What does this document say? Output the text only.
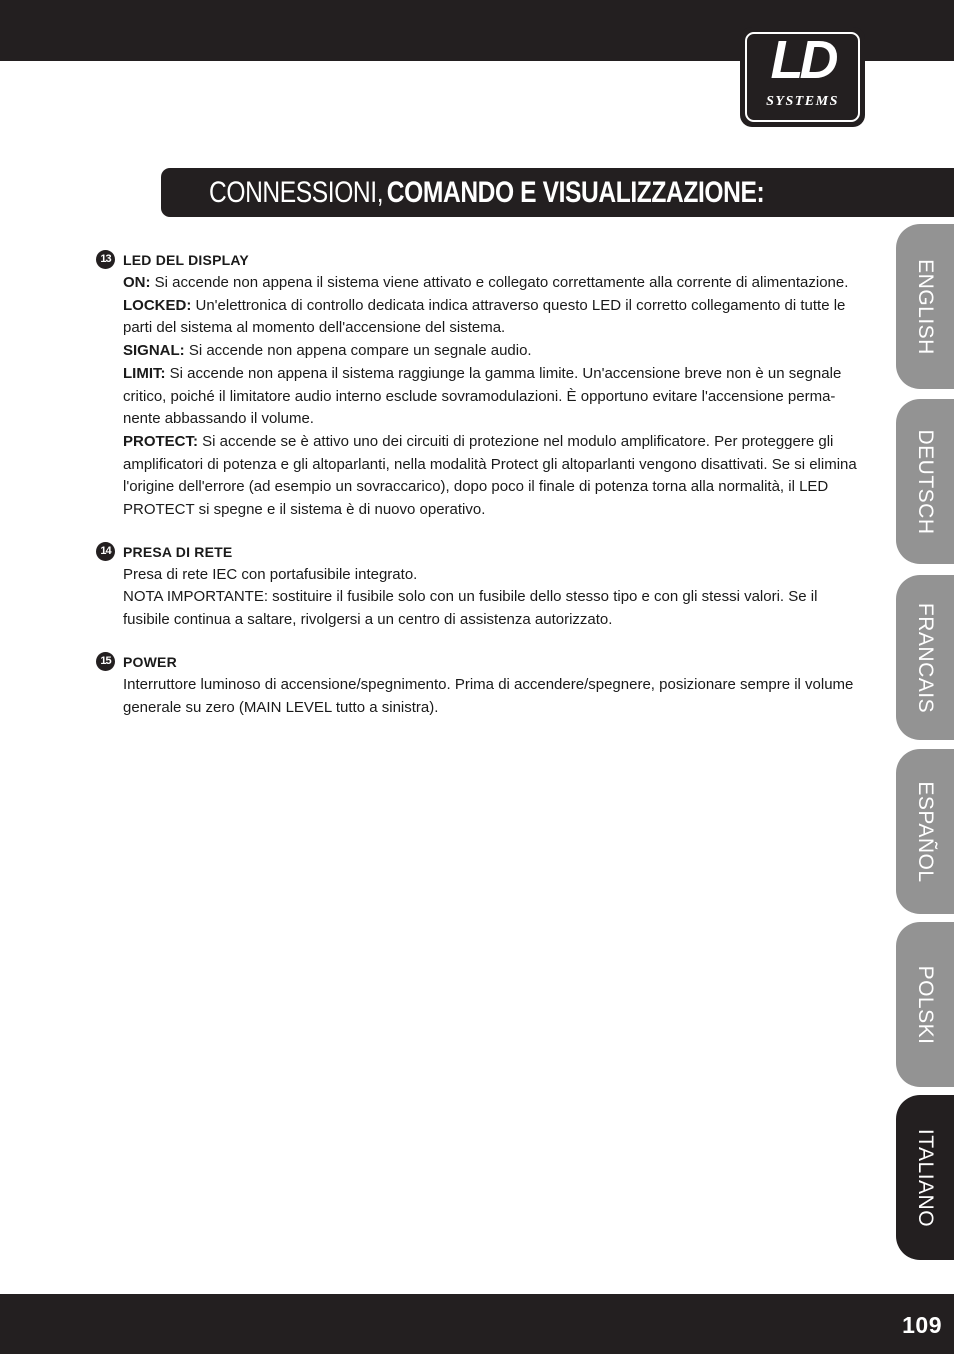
LD
SYSTEMS
CONNESSIONI, COMANDO E VISUALIZZAZIONE:
ENGLISH
DEUTSCH
FRANCAIS
ESPAÑOL
POLSKI
ITALIANO
13 LED DEL DISPLAY
ON: Si accende non appena il sistema viene attivato e collegato correttamente alla corrente di alimentazione.
LOCKED: Un'elettronica di controllo dedicata indica attraverso questo LED il corretto collegamento di tutte le parti del sistema al momento dell'accensione del sistema.
SIGNAL: Si accende non appena compare un segnale audio.
LIMIT: Si accende non appena il sistema raggiunge la gamma limite. Un'accensione breve non è un segnale critico, poiché il limitatore audio interno esclude sovramodulazioni. È opportuno evitare l'accensione perma-nente abbassando il volume.
PROTECT: Si accende se è attivo uno dei circuiti di protezione nel modulo amplificatore. Per proteggere gli amplificatori di potenza e gli altoparlanti, nella modalità Protect gli altoparlanti vengono disattivati. Se si elimina l'origine dell'errore (ad esempio un sovraccarico), dopo poco il finale di potenza torna alla normalità, il LED PROTECT si spegne e il sistema è di nuovo operativo.
14 PRESA DI RETE
Presa di rete IEC con portafusibile integrato.
NOTA IMPORTANTE: sostituire il fusibile solo con un fusibile dello stesso tipo e con gli stessi valori. Se il fusibile continua a saltare, rivolgersi a un centro di assistenza autorizzato.
15 POWER
Interruttore luminoso di accensione/spegnimento. Prima di accendere/spegnere, posizionare sempre il volume generale su zero (MAIN LEVEL tutto a sinistra).
109
